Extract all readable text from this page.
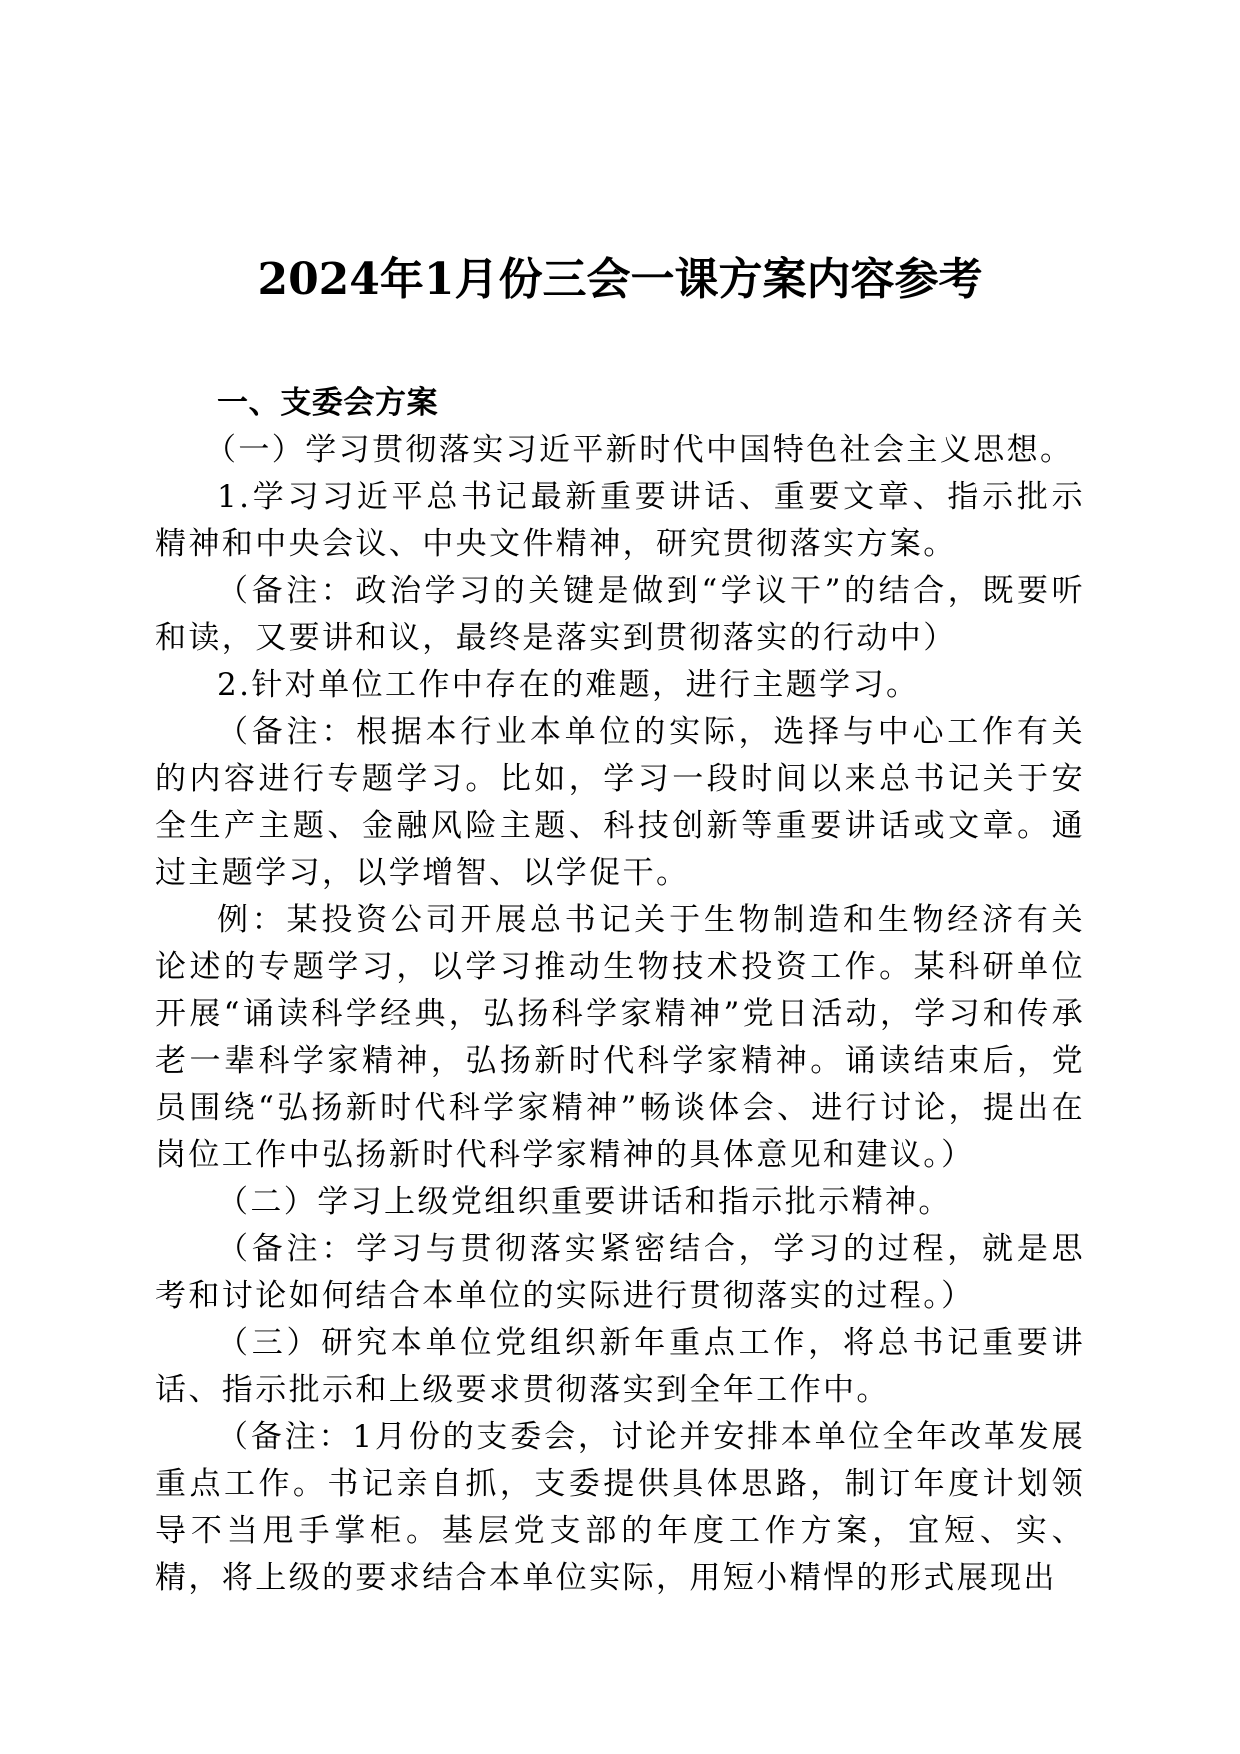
2024年1月份三会一课方案内容参考

一、支委会方案

（一）学习贯彻落实习近平新时代中国特色社会主义思想。

1.学习习近平总书记最新重要讲话、重要文章、指示批示精神和中央会议、中央文件精神，研究贯彻落实方案。

（备注：政治学习的关键是做到“学议干”的结合，既要听和读，又要讲和议，最终是落实到贯彻落实的行动中）

2.针对单位工作中存在的难题，进行主题学习。

（备注：根据本行业本单位的实际，选择与中心工作有关的内容进行专题学习。比如，学习一段时间以来总书记关于安全生产主题、金融风险主题、科技创新等重要讲话或文章。通过主题学习，以学增智、以学促干。

例：某投资公司开展总书记关于生物制造和生物经济有关论述的专题学习，以学习推动生物技术投资工作。某科研单位开展“诵读科学经典，弘扬科学家精神”党日活动，学习和传承老一辈科学家精神，弘扬新时代科学家精神。诵读结束后，党员围绕“弘扬新时代科学家精神”畅谈体会、进行讨论，提出在岗位工作中弘扬新时代科学家精神的具体意见和建议。）

（二）学习上级党组织重要讲话和指示批示精神。

（备注：学习与贯彻落实紧密结合，学习的过程，就是思考和讨论如何结合本单位的实际进行贯彻落实的过程。）

（三）研究本单位党组织新年重点工作，将总书记重要讲话、指示批示和上级要求贯彻落实到全年工作中。

（备注：1月份的支委会，讨论并安排本单位全年改革发展重点工作。书记亲自抓，支委提供具体思路，制订年度计划领导不当甩手掌柜。基层党支部的年度工作方案，宜短、实、精，将上级的要求结合本单位实际，用短小精悍的形式展现出
